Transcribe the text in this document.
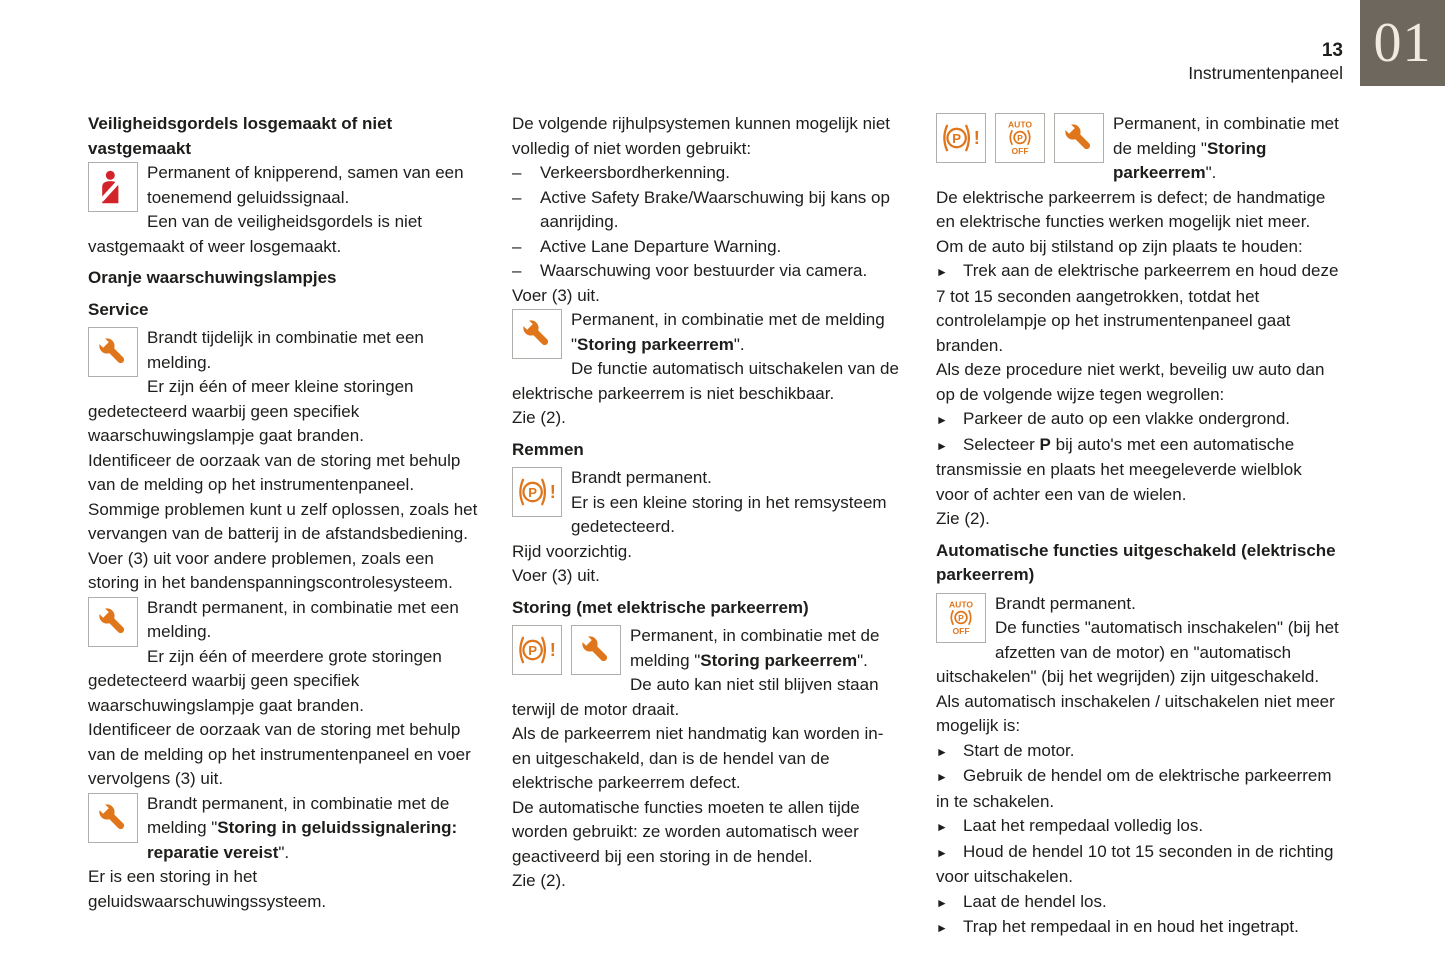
13
Instrumentenpaneel 01

Veiligheidsgordels losgemaakt of niet vastgemaakt

Permanent of knipperend, samen van een toenemend geluidssignaal.

Een van de veiligheidsgordels is niet vastgemaakt of weer losgemaakt.

Oranje waarschuwingslampjes

Service

Brandt tijdelijk in combinatie met een melding.

Er zijn één of meer kleine storingen gedetecteerd waarbij geen specifiek waarschuwingslampje gaat branden.

Identificeer de oorzaak van de storing met behulp van de melding op het instrumentenpaneel.

Sommige problemen kunt u zelf oplossen, zoals het vervangen van de batterij in de afstandsbediening. Voer (3) uit voor andere problemen, zoals een storing in het bandenspanningscontrolesysteem.

Brandt permanent, in combinatie met een melding.

Er zijn één of meerdere grote storingen gedetecteerd waarbij geen specifiek waarschuwingslampje gaat branden.

Identificeer de oorzaak van de storing met behulp van de melding op het instrumentenpaneel en voer vervolgens (3) uit.

Brandt permanent, in combinatie met de melding "Storing in geluidssignalering: reparatie vereist".

Er is een storing in het geluidswaarschuwingssysteem.

De volgende rijhulpsystemen kunnen mogelijk niet volledig of niet worden gebruikt:

– Verkeersbordherkenning.

– Active Safety Brake/Waarschuwing bij kans op aanrijding.

– Active Lane Departure Warning.

– Waarschuwing voor bestuurder via camera.

Voer (3) uit.

Permanent, in combinatie met de melding "Storing parkeerrem".

De functie automatisch uitschakelen van de elektrische parkeerrem is niet beschikbaar.

Zie (2).

Remmen

P !

Brandt permanent.

Er is een kleine storing in het remsysteem gedetecteerd.

Rijd voorzichtig.

Voer (3) uit.

Storing (met elektrische parkeerrem)

P !

Permanent, in combinatie met de melding "Storing parkeerrem".

De auto kan niet stil blijven staan terwijl de motor draait.

Als de parkeerrem niet handmatig kan worden in- en uitgeschakeld, dan is de hendel van de elektrische parkeerrem defect.

De automatische functies moeten te allen tijde worden gebruikt: ze worden automatisch weer geactiveerd bij een storing in de hendel.

Zie (2).

P !
AUTO
P
OFF

Permanent, in combinatie met de melding "Storing parkeerrem".

De elektrische parkeerrem is defect; de handmatige en elektrische functies werken mogelijk niet meer.

Om de auto bij stilstand op zijn plaats te houden:

► Trek aan de elektrische parkeerrem en houd deze 7 tot 15 seconden aangetrokken, totdat het controlelampje op het instrumentenpaneel gaat branden.

Als deze procedure niet werkt, beveilig uw auto dan op de volgende wijze tegen wegrollen:

► Parkeer de auto op een vlakke ondergrond.

► Selecteer P bij auto's met een automatische transmissie en plaats het meegeleverde wielblok voor of achter een van de wielen.

Zie (2).

Automatische functies uitgeschakeld (elektrische parkeerrem)

AUTO
P
OFF

Brandt permanent.

De functies "automatisch inschakelen" (bij het afzetten van de motor) en "automatisch uitschakelen" (bij het wegrijden) zijn uitgeschakeld.

Als automatisch inschakelen / uitschakelen niet meer mogelijk is:

► Start de motor.

► Gebruik de hendel om de elektrische parkeerrem in te schakelen.

► Laat het rempedaal volledig los.

► Houd de hendel 10 tot 15 seconden in de richting voor uitschakelen.

► Laat de hendel los.

► Trap het rempedaal in en houd het ingetrapt.
